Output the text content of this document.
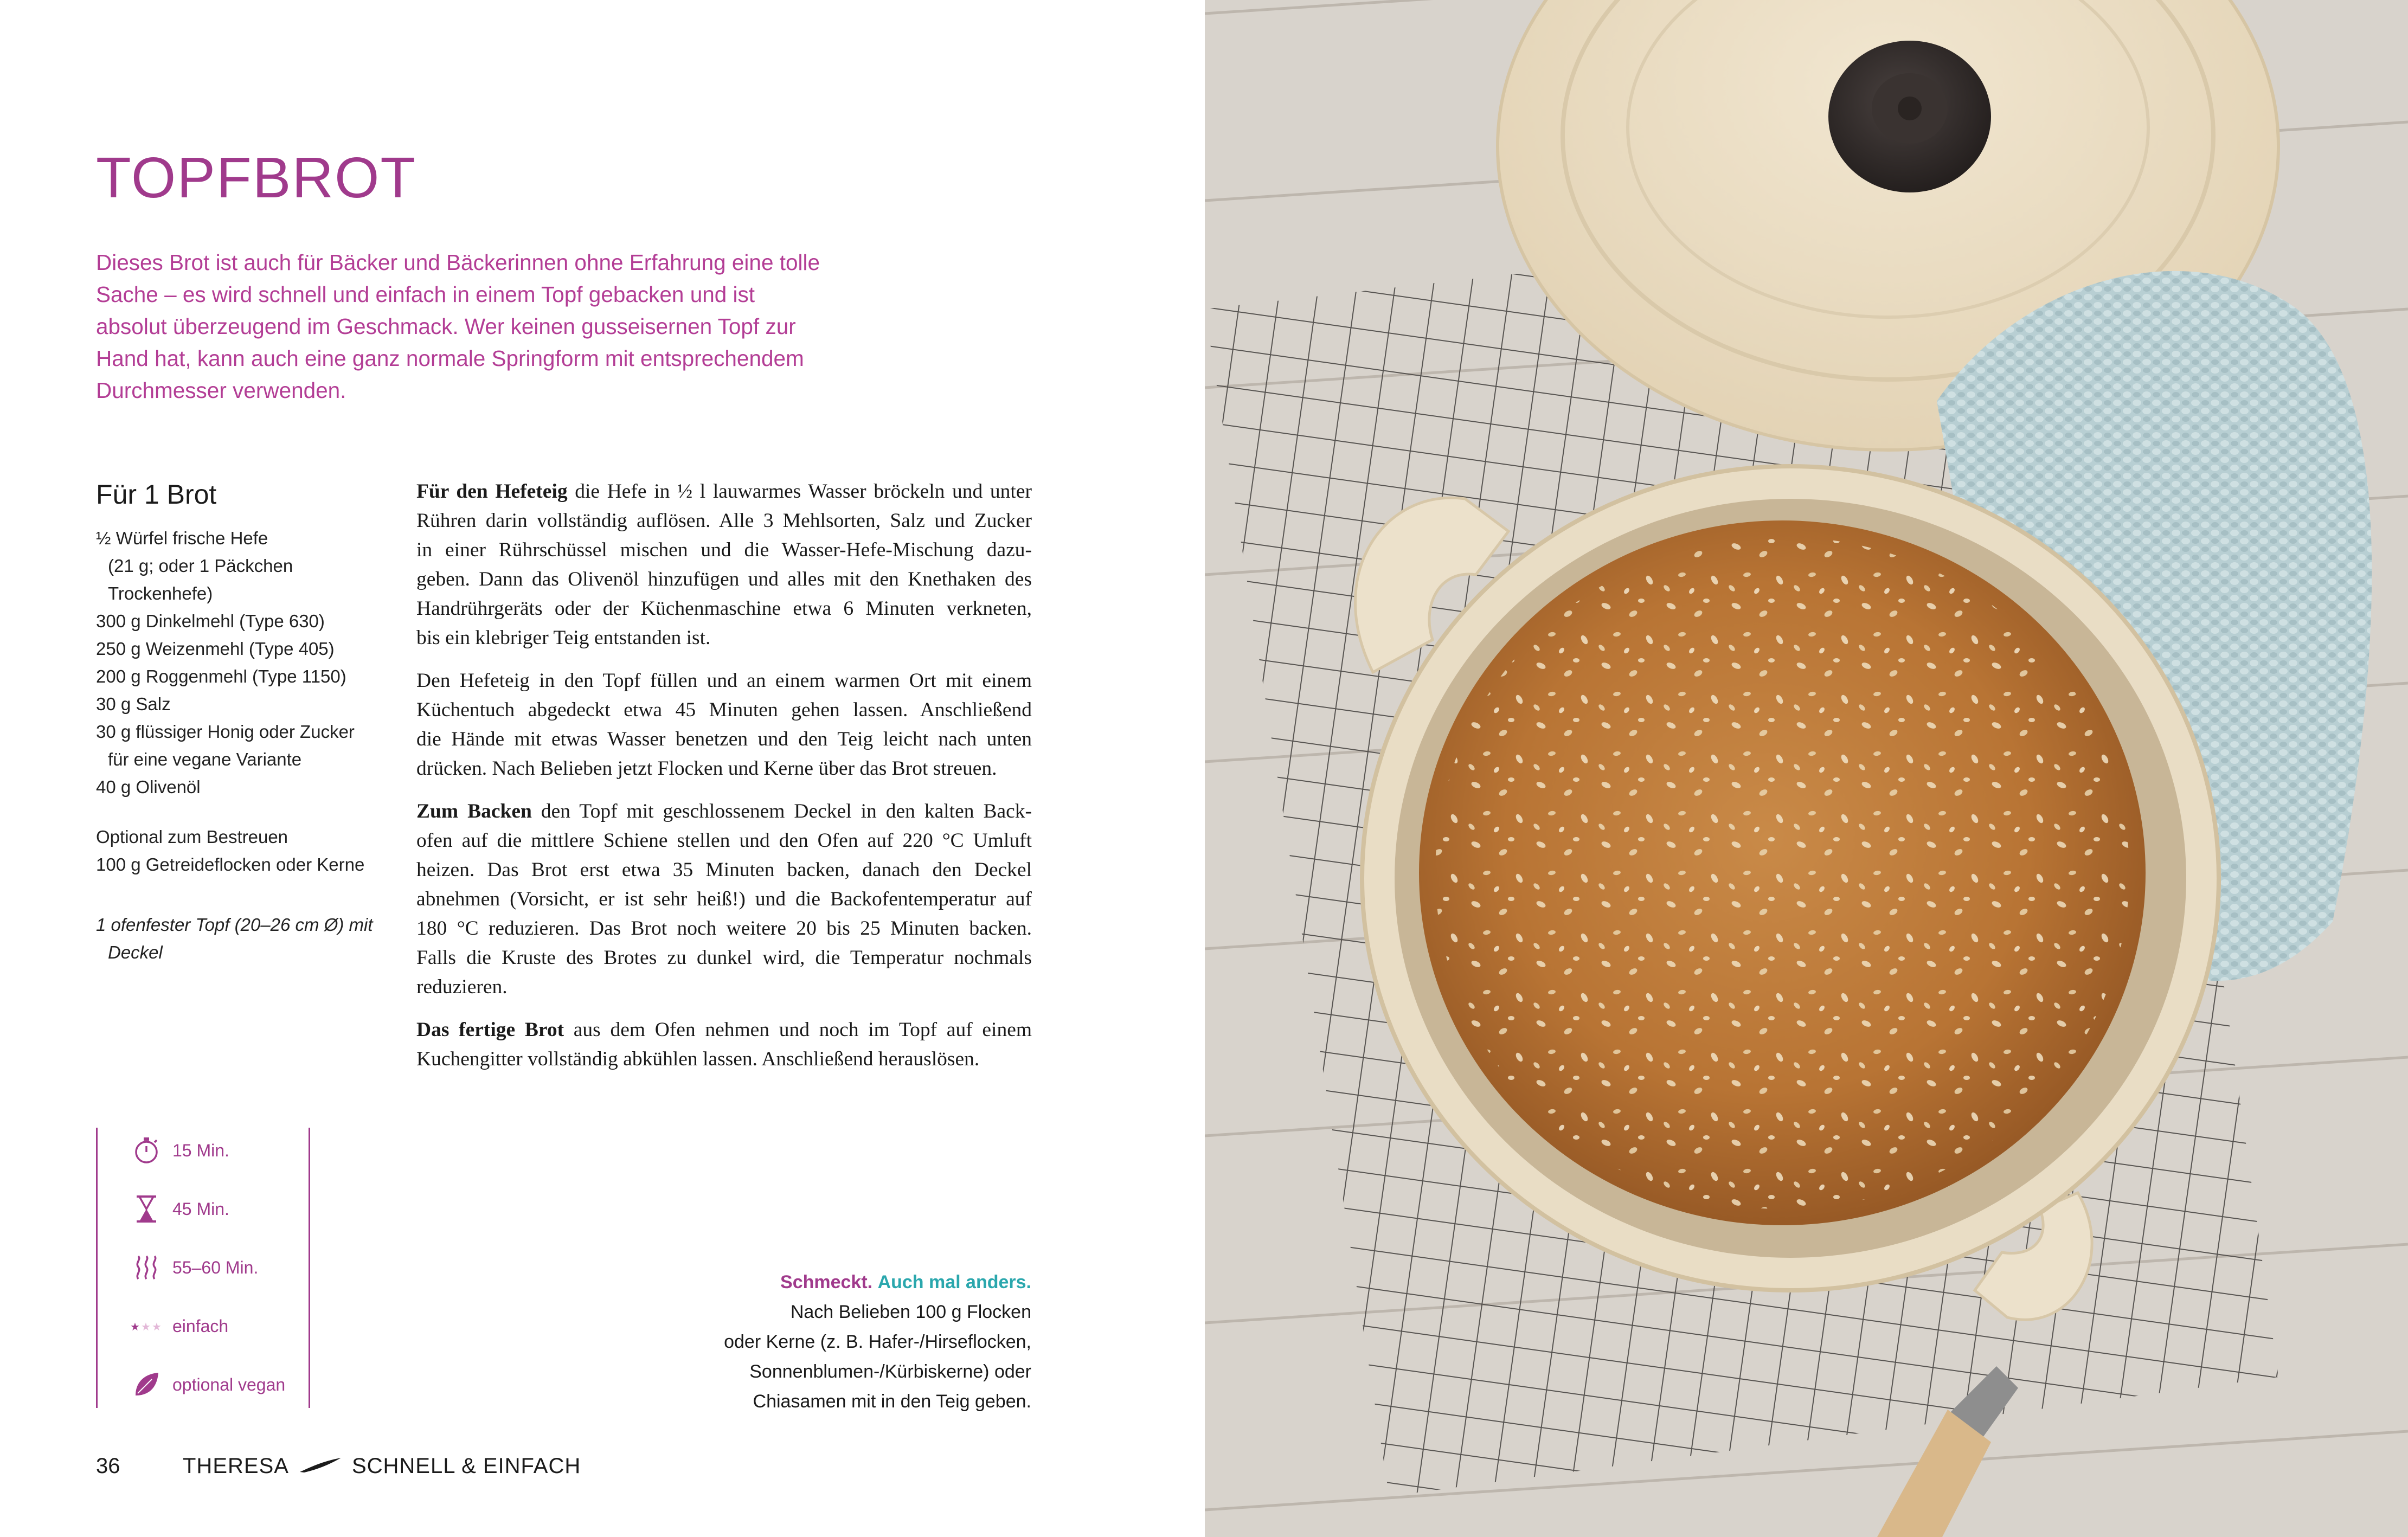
TOPFBROT

Dieses Brot ist auch für Bäcker und Bäckerinnen ohne Erfahrung eine tolle

Sache – es wird schnell und einfach in einem Topf gebacken und ist

absolut überzeugend im Geschmack. Wer keinen gusseisernen Topf zur

Hand hat, kann auch eine ganz normale Springform mit entsprechendem

Durchmesser verwenden.

Für 1 Brot
½ Würfel frische Hefe
(21 g; oder 1 Päckchen
Trockenhefe)
300 g Dinkelmehl (Type 630)
250 g Weizenmehl (Type 405)
200 g Roggenmehl (Type 1150)
30 g Salz
30 g flüssiger Honig oder Zucker
für eine vegane Variante
40 g Olivenöl
Optional zum Bestreuen
100 g Getreideflocken oder Kerne
1 ofenfester Topf (20–26 cm Ø) mit
Deckel
Für den Hefeteig die Hefe in ½ l lauwarmes Wasser bröckeln und unter
Rühren darin vollständig auflösen. Alle 3 Mehlsorten, Salz und Zucker
in einer Rührschüssel mischen und die Wasser-Hefe-Mischung dazu-
geben. Dann das Olivenöl hinzufügen und alles mit den Knethaken des
Handrührgeräts oder der Küchenmaschine etwa 6 Minuten verkneten,
bis ein klebriger Teig entstanden ist.
Den Hefeteig in den Topf füllen und an einem warmen Ort mit einem
Küchentuch abgedeckt etwa 45 Minuten gehen lassen. Anschließend
die Hände mit etwas Wasser benetzen und den Teig leicht nach unten
drücken. Nach Belieben jetzt Flocken und Kerne über das Brot streuen.
Zum Backen den Topf mit geschlossenem Deckel in den kalten Back-
ofen auf die mittlere Schiene stellen und den Ofen auf 220 °C Umluft
heizen. Das Brot erst etwa 35 Minuten backen, danach den Deckel
abnehmen (Vorsicht, er ist sehr heiß!) und die Backofentemperatur auf
180 °C reduzieren. Das Brot noch weitere 20 bis 25 Minuten backen.
Falls die Kruste des Brotes zu dunkel wird, die Temperatur nochmals
reduzieren.
Das fertige Brot aus dem Ofen nehmen und noch im Topf auf einem
Kuchengitter vollständig abkühlen lassen. Anschließend herauslösen.
15 Min.
45 Min.
55–60 Min.
★ ★ ★ einfach
optional vegan
Schmeckt. Auch mal anders.
Nach Belieben 100 g Flocken
oder Kerne (z. B. Hafer-/Hirseflocken,
Sonnenblumen-/Kürbiskerne) oder
Chiasamen mit in den Teig geben.
36	THERESA	SCHNELL & EINFACH
